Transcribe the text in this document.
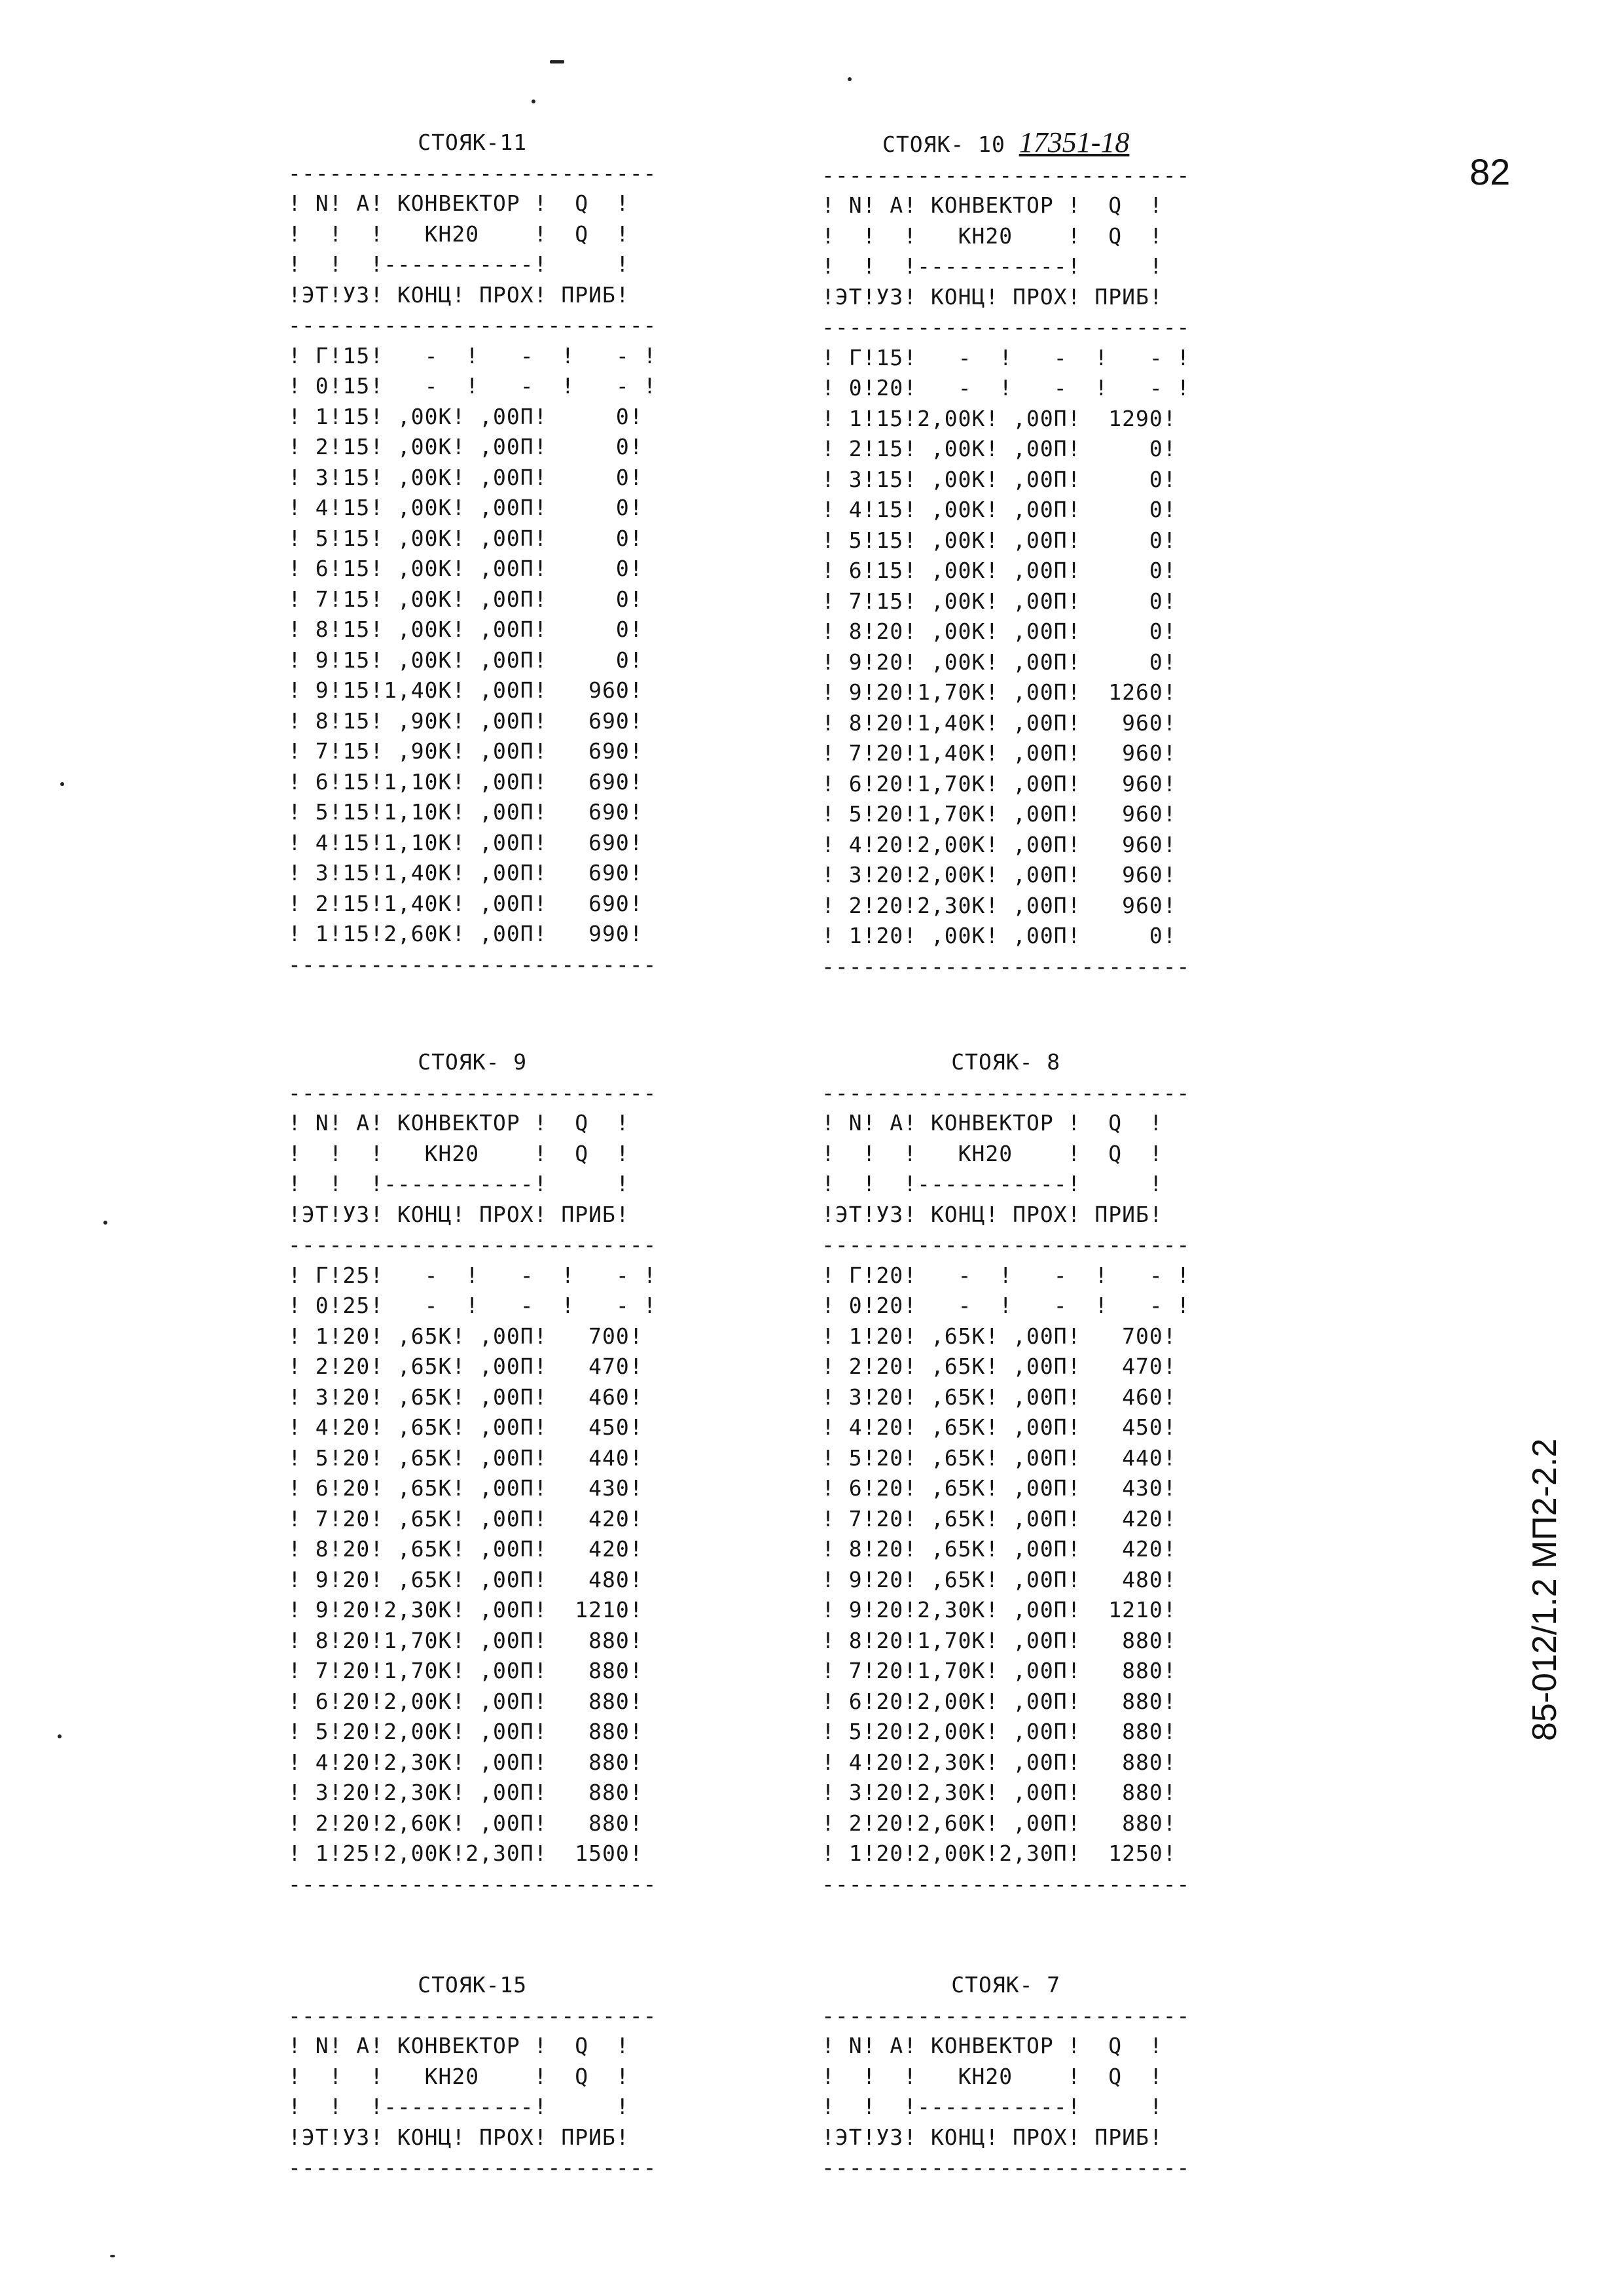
82
85-012/1.2 МП2-2.2
СТОЯК-11
---------------------------
! N! А! КОНВЕКТОР !  Q  !
!  !  !   КН20    !  Q  !
!  !  !-----------!     !
!ЭТ!УЗ! КОНЦ! ПРОХ! ПРИБ!
---------------------------
! Г!15!   -  !   -  !   - !
! 0!15!   -  !   -  !   - !
! 1!15! ,00К! ,00П!     0!
! 2!15! ,00К! ,00П!     0!
! 3!15! ,00К! ,00П!     0!
! 4!15! ,00К! ,00П!     0!
! 5!15! ,00К! ,00П!     0!
! 6!15! ,00К! ,00П!     0!
! 7!15! ,00К! ,00П!     0!
! 8!15! ,00К! ,00П!     0!
! 9!15! ,00К! ,00П!     0!
! 9!15!1,40К! ,00П!   960!
! 8!15! ,90К! ,00П!   690!
! 7!15! ,90К! ,00П!   690!
! 6!15!1,10К! ,00П!   690!
! 5!15!1,10К! ,00П!   690!
! 4!15!1,10К! ,00П!   690!
! 3!15!1,40К! ,00П!   690!
! 2!15!1,40К! ,00П!   690!
! 1!15!2,60К! ,00П!   990!
---------------------------
СТОЯК- 10 17351-18
---------------------------
! N! А! КОНВЕКТОР !  Q  !
!  !  !   КН20    !  Q  !
!  !  !-----------!     !
!ЭТ!УЗ! КОНЦ! ПРОХ! ПРИБ!
---------------------------
! Г!15!   -  !   -  !   - !
! 0!20!   -  !   -  !   - !
! 1!15!2,00К! ,00П!  1290!
! 2!15! ,00К! ,00П!     0!
! 3!15! ,00К! ,00П!     0!
! 4!15! ,00К! ,00П!     0!
! 5!15! ,00К! ,00П!     0!
! 6!15! ,00К! ,00П!     0!
! 7!15! ,00К! ,00П!     0!
! 8!20! ,00К! ,00П!     0!
! 9!20! ,00К! ,00П!     0!
! 9!20!1,70К! ,00П!  1260!
! 8!20!1,40К! ,00П!   960!
! 7!20!1,40К! ,00П!   960!
! 6!20!1,70К! ,00П!   960!
! 5!20!1,70К! ,00П!   960!
! 4!20!2,00К! ,00П!   960!
! 3!20!2,00К! ,00П!   960!
! 2!20!2,30К! ,00П!   960!
! 1!20! ,00К! ,00П!     0!
---------------------------
СТОЯК- 9
---------------------------
! N! А! КОНВЕКТОР !  Q  !
!  !  !   КН20    !  Q  !
!  !  !-----------!     !
!ЭТ!УЗ! КОНЦ! ПРОХ! ПРИБ!
---------------------------
! Г!25!   -  !   -  !   - !
! 0!25!   -  !   -  !   - !
! 1!20! ,65К! ,00П!   700!
! 2!20! ,65К! ,00П!   470!
! 3!20! ,65К! ,00П!   460!
! 4!20! ,65К! ,00П!   450!
! 5!20! ,65К! ,00П!   440!
! 6!20! ,65К! ,00П!   430!
! 7!20! ,65К! ,00П!   420!
! 8!20! ,65К! ,00П!   420!
! 9!20! ,65К! ,00П!   480!
! 9!20!2,30К! ,00П!  1210!
! 8!20!1,70К! ,00П!   880!
! 7!20!1,70К! ,00П!   880!
! 6!20!2,00К! ,00П!   880!
! 5!20!2,00К! ,00П!   880!
! 4!20!2,30К! ,00П!   880!
! 3!20!2,30К! ,00П!   880!
! 2!20!2,60К! ,00П!   880!
! 1!25!2,00К!2,30П!  1500!
---------------------------
СТОЯК- 8
---------------------------
! N! А! КОНВЕКТОР !  Q  !
!  !  !   КН20    !  Q  !
!  !  !-----------!     !
!ЭТ!УЗ! КОНЦ! ПРОХ! ПРИБ!
---------------------------
! Г!20!   -  !   -  !   - !
! 0!20!   -  !   -  !   - !
! 1!20! ,65К! ,00П!   700!
! 2!20! ,65К! ,00П!   470!
! 3!20! ,65К! ,00П!   460!
! 4!20! ,65К! ,00П!   450!
! 5!20! ,65К! ,00П!   440!
! 6!20! ,65К! ,00П!   430!
! 7!20! ,65К! ,00П!   420!
! 8!20! ,65К! ,00П!   420!
! 9!20! ,65К! ,00П!   480!
! 9!20!2,30К! ,00П!  1210!
! 8!20!1,70К! ,00П!   880!
! 7!20!1,70К! ,00П!   880!
! 6!20!2,00К! ,00П!   880!
! 5!20!2,00К! ,00П!   880!
! 4!20!2,30К! ,00П!   880!
! 3!20!2,30К! ,00П!   880!
! 2!20!2,60К! ,00П!   880!
! 1!20!2,00К!2,30П!  1250!
---------------------------
СТОЯК-15
---------------------------
! N! А! КОНВЕКТОР !  Q  !
!  !  !   КН20    !  Q  !
!  !  !-----------!     !
!ЭТ!УЗ! КОНЦ! ПРОХ! ПРИБ!
---------------------------
СТОЯК- 7
---------------------------
! N! А! КОНВЕКТОР !  Q  !
!  !  !   КН20    !  Q  !
!  !  !-----------!     !
!ЭТ!УЗ! КОНЦ! ПРОХ! ПРИБ!
---------------------------
